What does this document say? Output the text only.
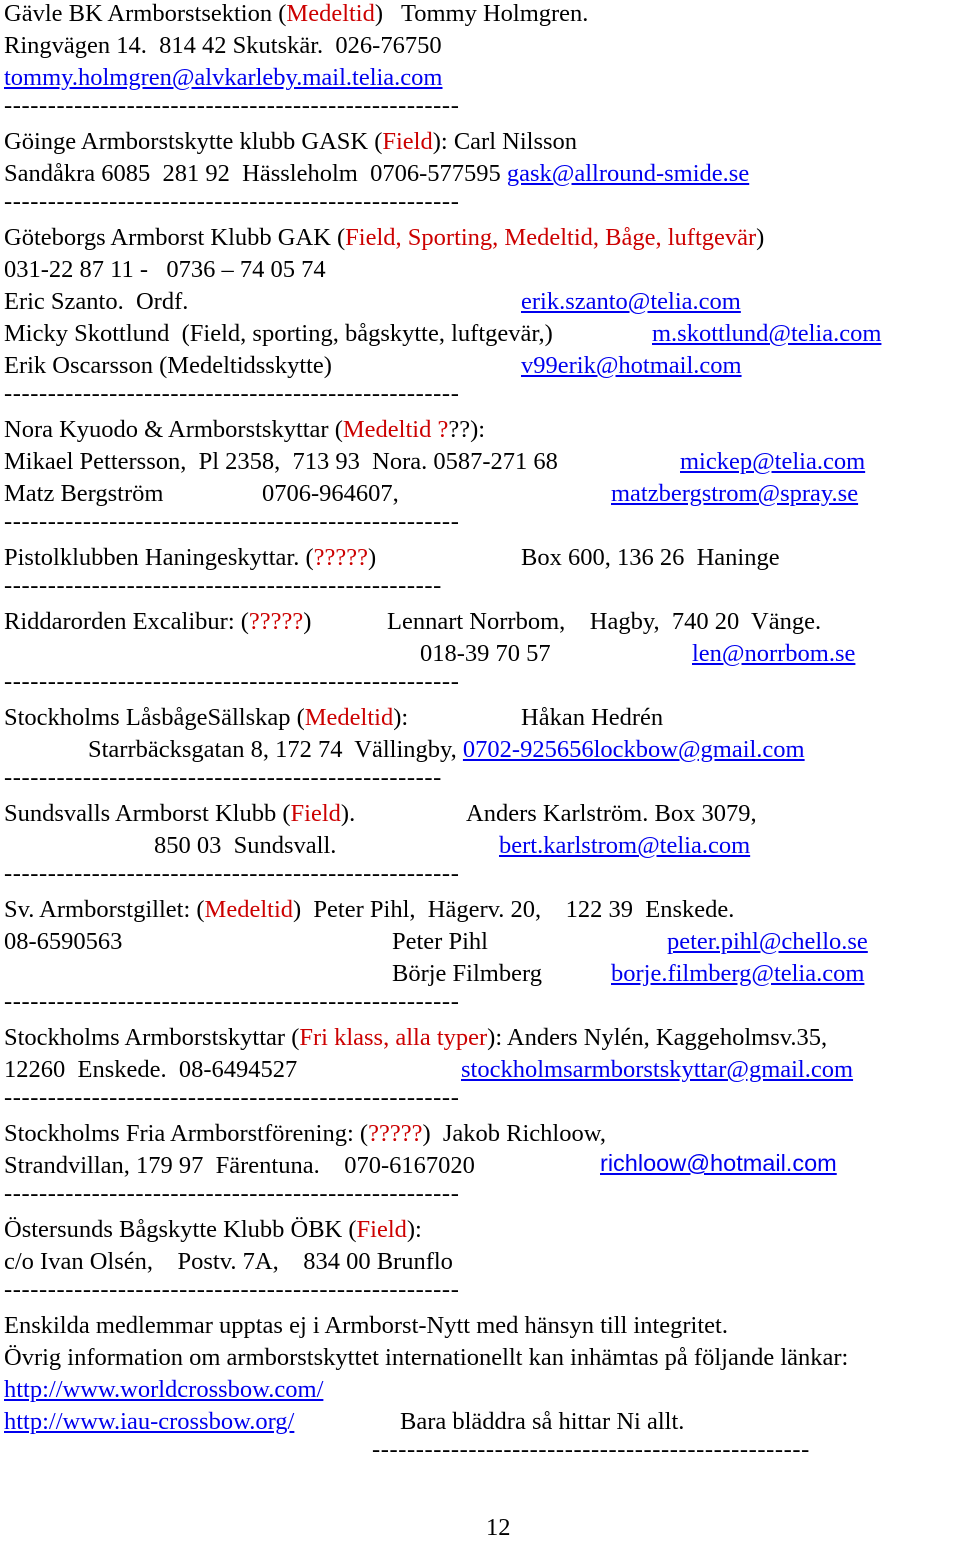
Gävle BK Armborstsektion (Medeltid)   Tommy Holmgren.
Ringvägen 14.  814 42 Skutskär.  026-76750
tommy.holmgren@alvkarleby.mail.telia.com
----------------------------------------------------
Göinge Armborstskytte klubb GASK (Field): Carl Nilsson
Sandåkra 6085  281 92  Hässleholm  0706-577595 gask@allround-smide.se
----------------------------------------------------
Göteborgs Armborst Klubb GAK (Field, Sporting, Medeltid, Båge, luftgevär)
031-22 87 11 -   0736 – 74 05 74
Eric Szanto.  Ordf.	erik.szanto@telia.com
Micky Skottlund  (Field, sporting, bågskytte, luftgevär,)	m.skottlund@telia.com
Erik Oscarsson (Medeltidsskytte)	v99erik@hotmail.com
----------------------------------------------------
Nora Kyuodo & Armborstskyttar (Medeltid ???):
Mikael Pettersson,  Pl 2358,  713 93  Nora. 0587-271 68	mickep@telia.com
Matz Bergström	0706-964607,	matzbergstrom@spray.se
----------------------------------------------------
Pistolklubben Haningeskyttar. (?????)	Box 600, 136 26  Haninge
--------------------------------------------------
Riddarorden Excalibur: (?????)	Lennart Norrbom,    Hagby,  740 20  Vänge.
018-39 70 57	len@norrbom.se
----------------------------------------------------
Stockholms LåsbågeSällskap (Medeltid):	Håkan Hedrén
Starrbäcksgatan 8, 172 74  Vällingby, 0702-925656lockbow@gmail.com
--------------------------------------------------
Sundsvalls Armborst Klubb (Field).	Anders Karlström. Box 3079,
850 03  Sundsvall.	bert.karlstrom@telia.com
----------------------------------------------------
Sv. Armborstgillet: (Medeltid)  Peter Pihl,  Hägerv. 20,    122 39  Enskede.
08-6590563	Peter Pihl	peter.pihl@chello.se
Börje Filmberg	borje.filmberg@telia.com
----------------------------------------------------
Stockholms Armborstskyttar (Fri klass, alla typer): Anders Nylén, Kaggeholmsv.35,
12260  Enskede.  08-6494527	stockholmsarmborstskyttar@gmail.com
----------------------------------------------------
Stockholms Fria Armborstförening: (?????)  Jakob Richloow,
Strandvillan, 179 97  Färentuna.    070-6167020	richloow@hotmail.com
----------------------------------------------------
Östersunds Bågskytte Klubb ÖBK (Field):
c/o Ivan Olsén,    Postv. 7A,    834 00 Brunflo
----------------------------------------------------
Enskilda medlemmar upptas ej i Armborst-Nytt med hänsyn till integritet.
Övrig information om armborstskyttet internationellt kan inhämtas på följande länkar:
http://www.worldcrossbow.com/
http://www.iau-crossbow.org/	Bara bläddra så hittar Ni allt.
--------------------------------------------------
12
